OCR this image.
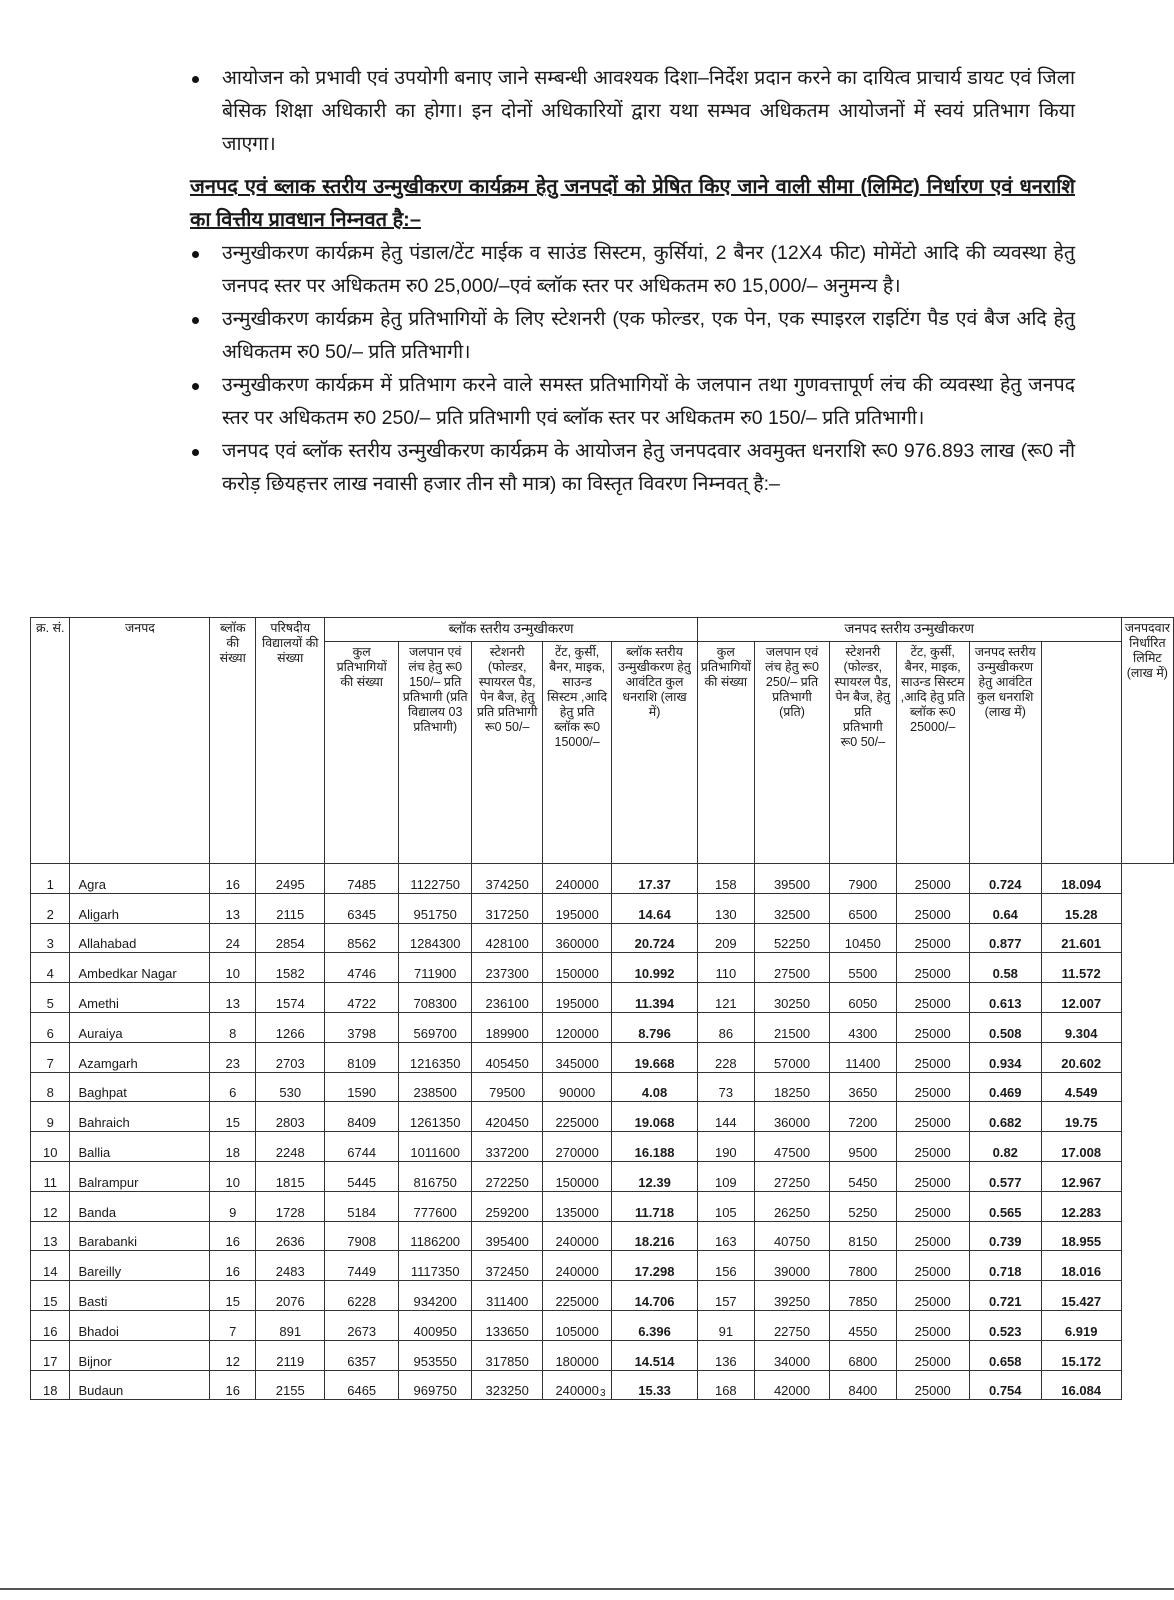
आयोजन को प्रभावी एवं उपयोगी बनाए जाने सम्बन्धी आवश्यक दिशा–निर्देश प्रदान करने का दायित्व प्राचार्य डायट एवं जिला बेसिक शिक्षा अधिकारी का होगा। इन दोनों अधिकारियों द्वारा यथा सम्भव अधिकतम आयोजनों में स्वयं प्रतिभाग किया जाएगा।
जनपद एवं ब्लाक स्तरीय उन्मुखीकरण कार्यक्रम हेतु जनपदों को प्रेषित किए जाने वाली सीमा (लिमिट) निर्धारण एवं धनराशि का वित्तीय प्रावधान निम्नवत है:–
उन्मुखीकरण कार्यक्रम हेतु पंडाल/टेंट माईक व साउंड सिस्टम, कुर्सियां, 2 बैनर (12X4 फीट) मोमेंटो आदि की व्यवस्था हेतु जनपद स्तर पर अधिकतम रु0 25,000/–एवं ब्लॉक स्तर पर अधिकतम रु0 15,000/– अनुमन्य है।
उन्मुखीकरण कार्यक्रम हेतु प्रतिभागियों के लिए स्टेशनरी (एक फोल्डर, एक पेन, एक स्पाइरल राइटिंग पैड एवं बैज अदि हेतु अधिकतम रु0 50/– प्रति प्रतिभागी।
उन्मुखीकरण कार्यक्रम में प्रतिभाग करने वाले समस्त प्रतिभागियों के जलपान तथा गुणवत्तापूर्ण लंच की व्यवस्था हेतु जनपद स्तर पर अधिकतम रु0 250/– प्रति प्रतिभागी एवं ब्लॉक स्तर पर अधिकतम रु0 150/– प्रति प्रतिभागी।
जनपद एवं ब्लॉक स्तरीय उन्मुखीकरण कार्यक्रम के आयोजन हेतु जनपदवार अवमुक्त धनराशि रू0 976.893 लाख (रू0 नौ करोड़ छियहत्तर लाख नवासी हजार तीन सौ मात्र) का विस्तृत विवरण निम्नवत् है:–
क्र. सं.	जनपद	ब्लॉक की संख्या	परिषदीय विद्यालयों की संख्या	ब्लॉक स्तरीय उन्मुखीकरण					जनपद स्तरीय उन्मुखीकरण						जनपदवार निर्धारित लिमिट (लाख में)
				कुल प्रतिभागियों की संख्या	जलपान एवं लंच हेतु रू0 150/– प्रति प्रतिभागी (प्रति विद्यालय 03 प्रतिभागी)	स्टेशनरी (फोल्डर, स्पायरल पैड, पेन बैज, हेतु प्रति प्रतिभागी रू0 50/–	टेंट, कुर्सी, बैनर, माइक, साउन्ड सिस्टम ,आदि हेतु प्रति ब्लॉक रू0 15000/–	ब्लॉक स्तरीय उन्मुखीकरण हेतु आवंटित कुल धनराशि (लाख में)	कुल प्रतिभागियों की संख्या	जलपान एवं लंच हेतु रू0 250/– प्रति प्रतिभागी (प्रति)	स्टेशनरी (फोल्डर, स्पायरल पैड, पेन बैज, हेतु प्रति प्रतिभागी रू0 50/–	टेंट, कुर्सी, बैनर, माइक, साउन्ड सिस्टम ,आदि हेतु प्रति ब्लॉक रू0 25000/–	जनपद स्तरीय उन्मुखीकरण हेतु आवंटित कुल धनराशि (लाख में)		
1	Agra	16	2495	7485	1122750	374250	240000	17.37	158	39500	7900	25000	0.724	18.094	
2	Aligarh	13	2115	6345	951750	317250	195000	14.64	130	32500	6500	25000	0.64	15.28	
3	Allahabad	24	2854	8562	1284300	428100	360000	20.724	209	52250	10450	25000	0.877	21.601	
4	Ambedkar Nagar	10	1582	4746	711900	237300	150000	10.992	110	27500	5500	25000	0.58	11.572	
5	Amethi	13	1574	4722	708300	236100	195000	11.394	121	30250	6050	25000	0.613	12.007	
6	Auraiya	8	1266	3798	569700	189900	120000	8.796	86	21500	4300	25000	0.508	9.304	
7	Azamgarh	23	2703	8109	1216350	405450	345000	19.668	228	57000	11400	25000	0.934	20.602	
8	Baghpat	6	530	1590	238500	79500	90000	4.08	73	18250	3650	25000	0.469	4.549	
9	Bahraich	15	2803	8409	1261350	420450	225000	19.068	144	36000	7200	25000	0.682	19.75	
10	Ballia	18	2248	6744	1011600	337200	270000	16.188	190	47500	9500	25000	0.82	17.008	
11	Balrampur	10	1815	5445	816750	272250	150000	12.39	109	27250	5450	25000	0.577	12.967	
12	Banda	9	1728	5184	777600	259200	135000	11.718	105	26250	5250	25000	0.565	12.283	
13	Barabanki	16	2636	7908	1186200	395400	240000	18.216	163	40750	8150	25000	0.739	18.955	
14	Bareilly	16	2483	7449	1117350	372450	240000	17.298	156	39000	7800	25000	0.718	18.016	
15	Basti	15	2076	6228	934200	311400	225000	14.706	157	39250	7850	25000	0.721	15.427	
16	Bhadoi	7	891	2673	400950	133650	105000	6.396	91	22750	4550	25000	0.523	6.919	
17	Bijnor	12	2119	6357	953550	317850	180000	14.514	136	34000	6800	25000	0.658	15.172	
18	Budaun	16	2155	6465	969750	323250	240000	15.33	168	42000	8400	25000	0.754	16.084	
3
